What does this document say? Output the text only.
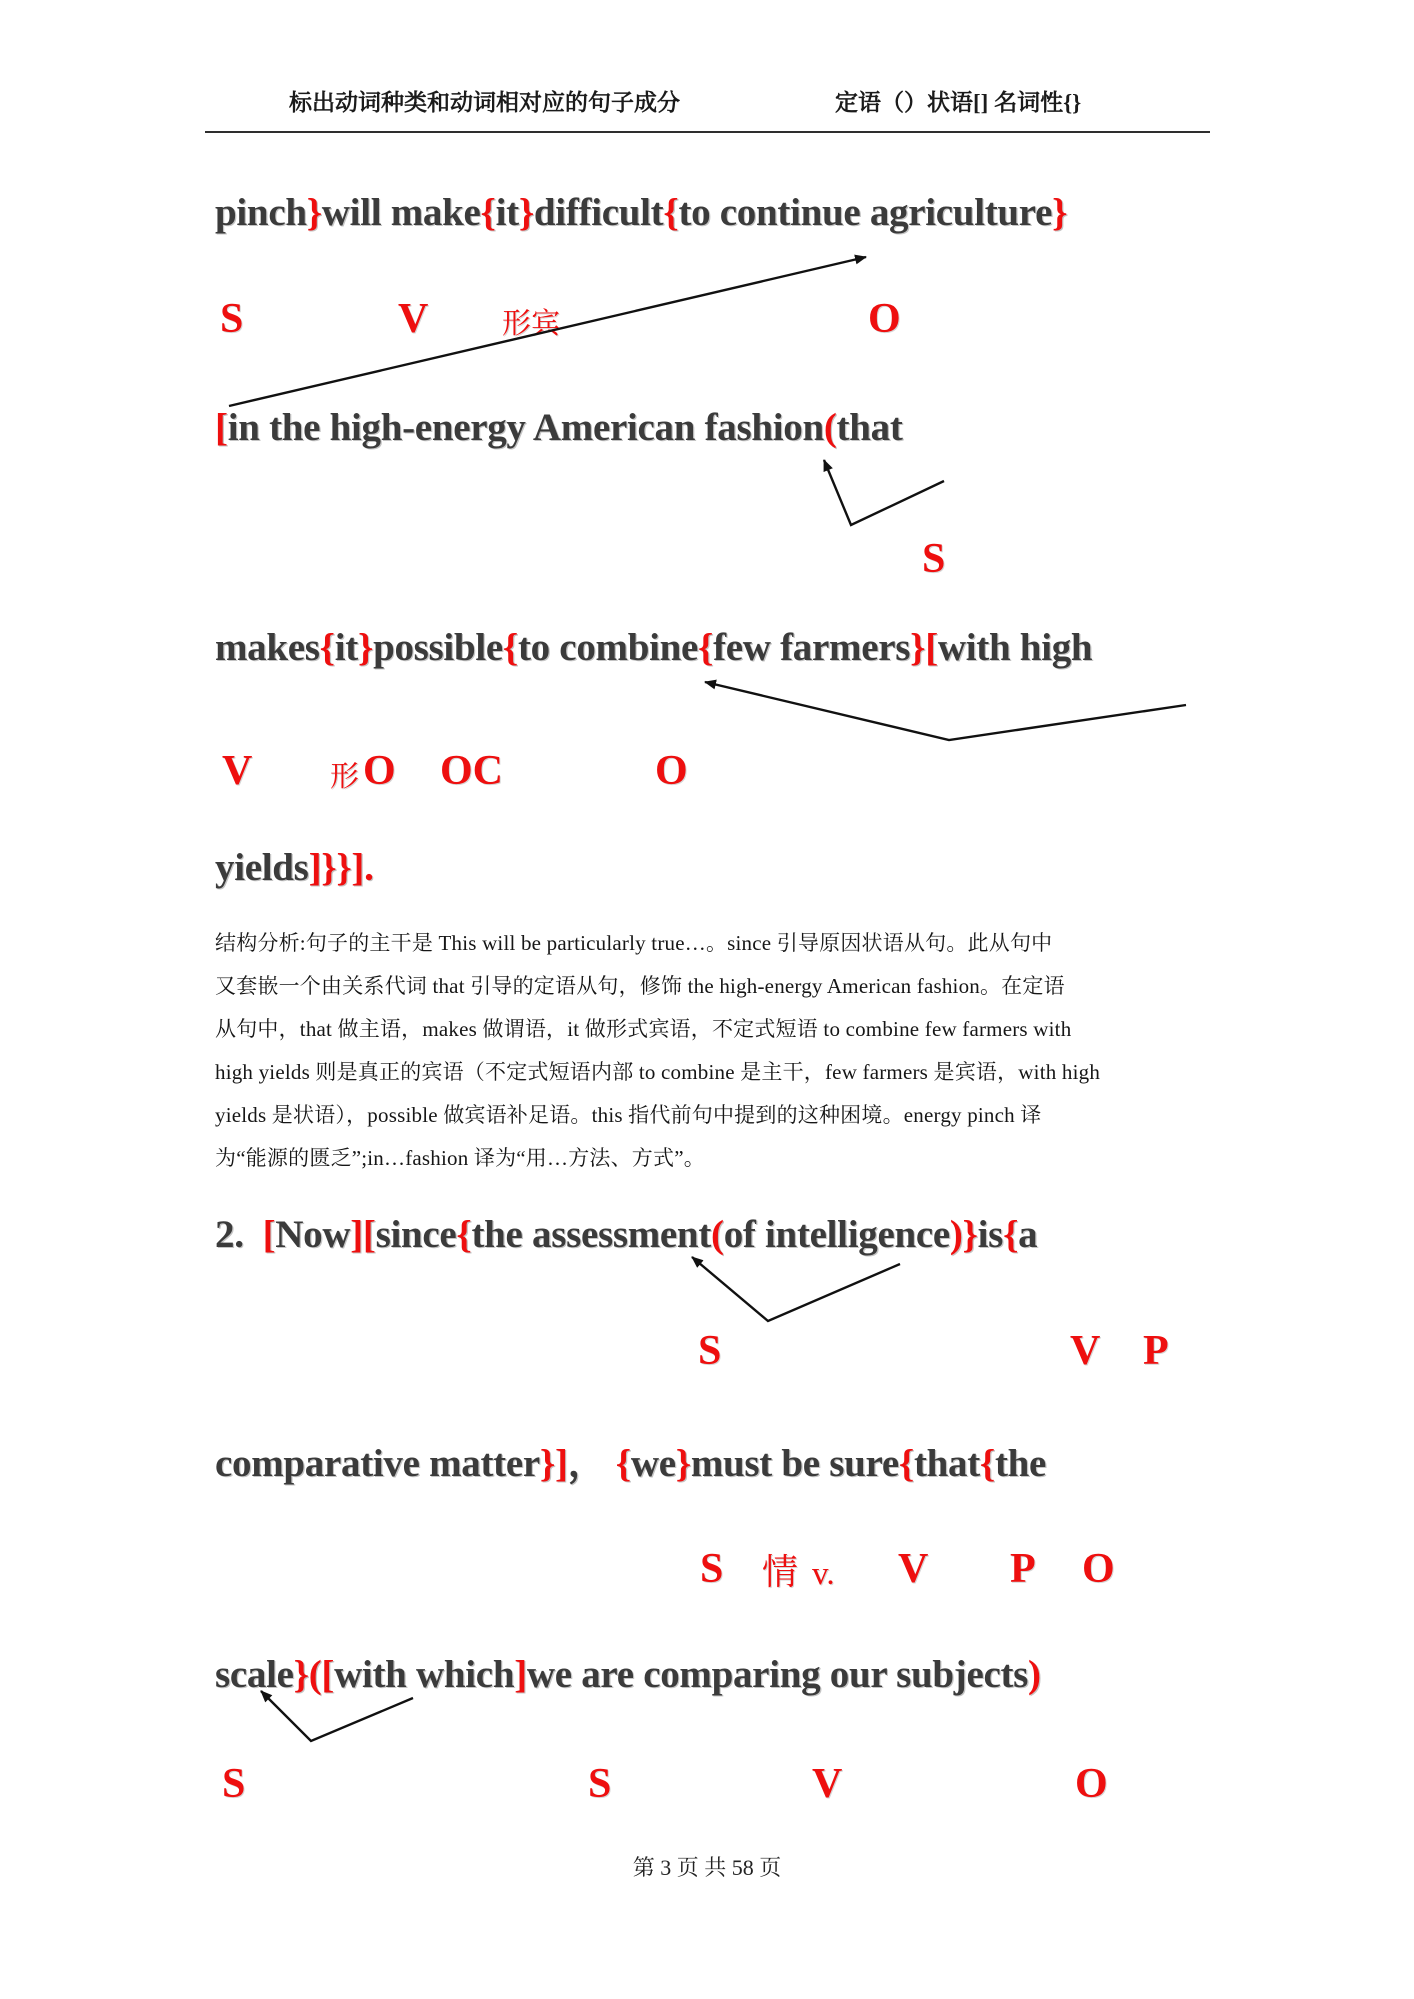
标出动词种类和动词相对应的句子成分	定语（）状语[] 名词性{}
pinch}will make{it}difficult{to continue agriculture}
S	V	形宾	O
[in the high-energy American fashion(that
S
makes{it}possible{to combine{few farmers}[with high
V	形 O OC	O
yields]}}].
结构分析:句子的主干是 This will be particularly true…。since 引导原因状语从句。此从句中
又套嵌一个由关系代词 that 引导的定语从句，修饰 the high-energy American fashion。在定语
从句中，that 做主语，makes 做谓语，it 做形式宾语，不定式短语 to combine few farmers with
high yields 则是真正的宾语（不定式短语内部 to combine 是主干，few farmers 是宾语，with high
yields 是状语），possible 做宾语补足语。this 指代前句中提到的这种困境。energy pinch 译
为“能源的匮乏”;in…fashion 译为“用…方法、方式”。
2.  [Now][since{the assessment(of intelligence)}is{a
S	V P
comparative matter}]， {we}must be sure{that{the
S 情 v. V P O
scale}([with which]we are comparing our subjects)
S	S	V	O
第 3 页 共 58 页
